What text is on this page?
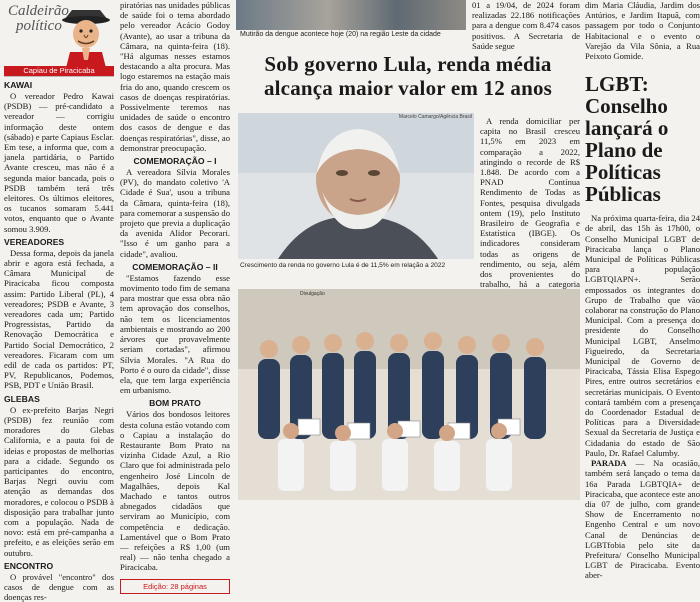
Caldeirão
político
Capiau de Piracicaba
KAWAI

O vereador Pedro Kawai (PSDB) — pré-candidato a vereador — corrigiu informação deste ontem (sábado) e parte Capiaus Esclar. Em tese, a informa que, com a janela partidária, o Partido Avante cresceu, mas não é a segunda maior bancada, pois o PSDB também terá três eleitores. Os últimos eleitores, os tucanos somaram 5.441 votos, enquanto que o Avante somou 3.909.

VEREADORES

Dessa forma, depois da janela abrir e agora está fechada, a Câmara Municipal de Piracicaba ficou composta assim: Partido Liberal (PL), 4 vereadores; PSDB e Avante, 3 vereadores cada um; Partido Progressistas, Partido da Renovação Democrática e Partido Social Democrático, 2 vereadores. Ficaram com um edil de cada os partidos: PT, PV, Republicanos, Podemos, PSB, PDT e União Brasil.

GLEBAS

O ex-prefeito Barjas Negri (PSDB) fez reunião com moradores do Glebas California, e a pauta foi de ideias e propostas de melhorias para a cidade. Segundo os participantes do encontro, Barjas Negri ouviu com atenção as demandas dos moradores, e colocou o PSDB à disposição para trabalhar junto com a população. Nada de novo: está em pré-campanha a prefeito, e as eleições serão em outubro.

ENCONTRO

O provável "encontro" dos casos de dengue com as doenças res-

piratórias nas unidades públicas de saúde foi o tema abordado pelo vereador Acácio Godoy (Avante), ao usar a tribuna da Câmara, na quinta-feira (18). "Há algumas nesses estamos destacando a alta procura. Mas logo estaremos na estação mais fria do ano, quando crescem os casos de doenças respiratórias. Possivelmente teremos nas unidades de saúde o encontro dos casos de dengue e das doenças respiratórias", disse, ao demonstrar preocupação.

COMEMORAÇÃO – I

A vereadora Sílvia Morales (PV), do mandato coletivo 'A Cidade é Sua', usou a tribuna da Câmara, quinta-feira (18), para comemorar a suspensão do projeto que previa a duplicação da avenida Alidor Pecorari. "Isso é um ganho para a cidade", avaliou.

COMEMORAÇÃO – II

"Estamos fazendo esse movimento todo fim de semana para mostrar que essa obra não tem aprovação dos conselhos, não tem os licenciamentos ambientais e mostrando ao 200 árvores que provavelmente seriam cortadas", afirmou Sílvia Morales. "A Rua do Porto é o ouro da cidade", disse ela, que tem larga experiência em urbanismo.

BOM PRATO

Vários dos bondosos leitores desta coluna estão votando com o Capiau a instalação do Restaurante Bom Prato na vizinha Cidade Azul, a Rio Claro que foi administrada pelo engenheiro José Lincoln de Magalhães, depois Kal Machado e tantos outros abnegados cidadãos que serviram ao Município, com competência e dedicação. Lamentável que o Bom Prato — refeições a R$ 1,00 (um real) — não tenha chegado a Piracicaba.

Edição: 28 páginas
Mutirão da dengue acontece hoje (20) na região Leste da cidade

01 a 19/04, de 2024 foram realizadas 22.186 notificações para a dengue com 8.474 casos positivos. A Secretaria de Saúde segue

Sob governo Lula, renda média alcança maior valor em 12 anos
Marcelo Camargo/Agência Brasil
Crescimento da renda no governo Lula é de 11,5% em relação a 2022

A renda domiciliar per capita no Brasil cresceu 11,5% em 2023 em comparação a 2022, atingindo o recorde de R$ 1.848. De acordo com a PNAD Contínua Rendimento de Todas as Fontes, pesquisa divulgada ontem (19), pelo Instituto Brasileiro de Geografia e Estatística (IBGE). Os indicadores consideram todas as origens de rendimento, ou seja, além dos provenientes do trabalho, há a categoria

Divulgação

dim Maria Cláudia, Jardim dos Antúrios, e Jardim Itapuã, com passagem por todo o Conjunto Habitacional e o evento o Varejão da Vila Sônia, a Rua Peixoto Gomide.

LGBT: Conselho lançará o Plano de Políticas Públicas

Na próxima quarta-feira, dia 24 de abril, das 15h às 17h00, o Conselho Municipal LGBT de Piracicaba lança o Plano Municipal de Políticas Públicas para a população LGBTQIAPN+. Serão empossados os integrantes do Grupo de Trabalho que vão colaborar na construção do Plano Municipal. Com a presença do presidente do Conselho Municipal LGBT, Anselmo Figueiredo, da Secretaria Municipal de Governo de Piracicaba, Tássia Elisa Espego Pires, entre outros secretários e secretárias municipais. O Evento contará também com a presença do Coordenador Estadual de Políticas para a Diversidade Sexual da Secretaria de Justiça e Cidadania do estado de São Paulo, Dr. Rafael Calumby.

PARADA — Na ocasião, também será lançado o tema da 16a Parada LGBTQIA+ de Piracicaba, que acontece este ano dia 07 de julho, com grande Show de Encerramento no Engenho Central e um novo Canal de Denúncias de LGBTfobia pelo site da Prefeitura/ Conselho Municipal LGBT de Piracicaba. Evento aber-
